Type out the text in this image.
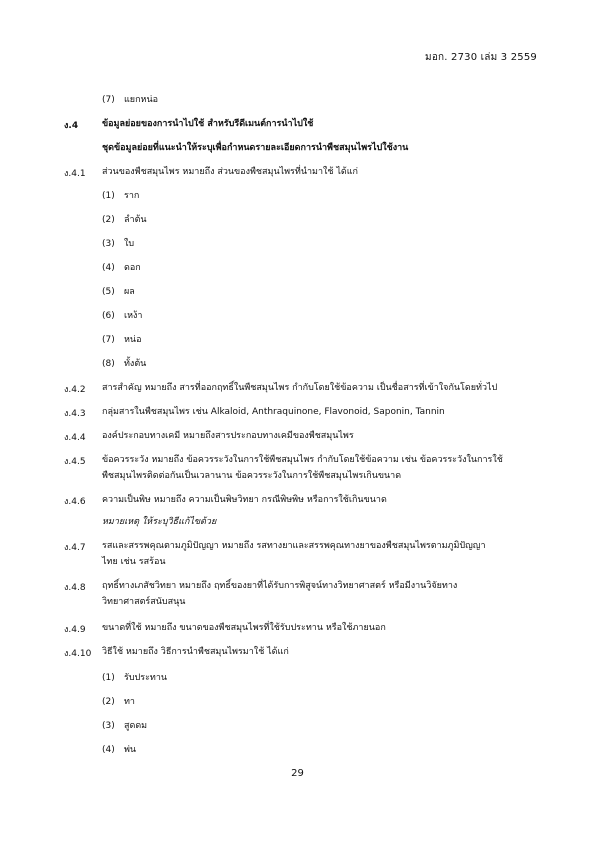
มอก. 2730 เล่ม 3 2559
(7) แยกหน่อ
ง.4	ข้อมูลย่อยของการนำไปใช้ สำหรับรีดีเมนต์การนำไปใช้
ชุดข้อมูลย่อยที่แนะนำให้ระบุเพื่อกำหนดรายละเอียดการนำพืชสมุนไพรไปใช้งาน
ง.4.1 ส่วนของพืชสมุนไพร หมายถึง ส่วนของพืชสมุนไพรที่นำมาใช้ ได้แก่
(1) ราก
(2) ลำต้น
(3) ใบ
(4) ดอก
(5) ผล
(6) เหง้า
(7) หน่อ
(8) ทั้งต้น
ง.4.2 สารสำคัญ หมายถึง สารที่ออกฤทธิ์ในพืชสมุนไพร กำกับโดยใช้ข้อความ เป็นชื่อสารที่เข้าใจกันโดยทั่วไป
ง.4.3 กลุ่มสารในพืชสมุนไพร เช่น Alkaloid, Anthraquinone, Flavonoid, Saponin, Tannin
ง.4.4 องค์ประกอบทางเคมี หมายถึงสารประกอบทางเคมีของพืชสมุนไพร
ง.4.5 ข้อควรระวัง หมายถึง ข้อควรระวังในการใช้พืชสมุนไพร กำกับโดยใช้ข้อความ เช่น ข้อควรระวังในการใช้
พืชสมุนไพรติดต่อกันเป็นเวลานาน ข้อควรระวังในการใช้พืชสมุนไพรเกินขนาด
ง.4.6 ความเป็นพิษ หมายถึง ความเป็นพิษวิทยา กรณีพิษพิษ หรือการใช้เกินขนาด
หมายเหตุ ให้ระบุวิธีแก้ไขด้วย
ง.4.7 รสและสรรพคุณตามภูมิปัญญา หมายถึง รสทางยาและสรรพคุณทางยาของพืชสมุนไพรตามภูมิปัญญา
ไทย เช่น รสร้อน
ง.4.8 ฤทธิ์ทางเภสัชวิทยา หมายถึง ฤทธิ์ของยาที่ได้รับการพิสูจน์ทางวิทยาศาสตร์ หรือมีงานวิจัยทาง
วิทยาศาสตร์สนับสนุน
ง.4.9 ขนาดที่ใช้ หมายถึง ขนาดของพืชสมุนไพรที่ใช้รับประทาน หรือใช้ภายนอก
ง.4.10 วิธีใช้ หมายถึง วิธีการนำพืชสมุนไพรมาใช้ ได้แก่
(1) รับประทาน
(2) ทา
(3) สูดดม
(4) พ่น
29
